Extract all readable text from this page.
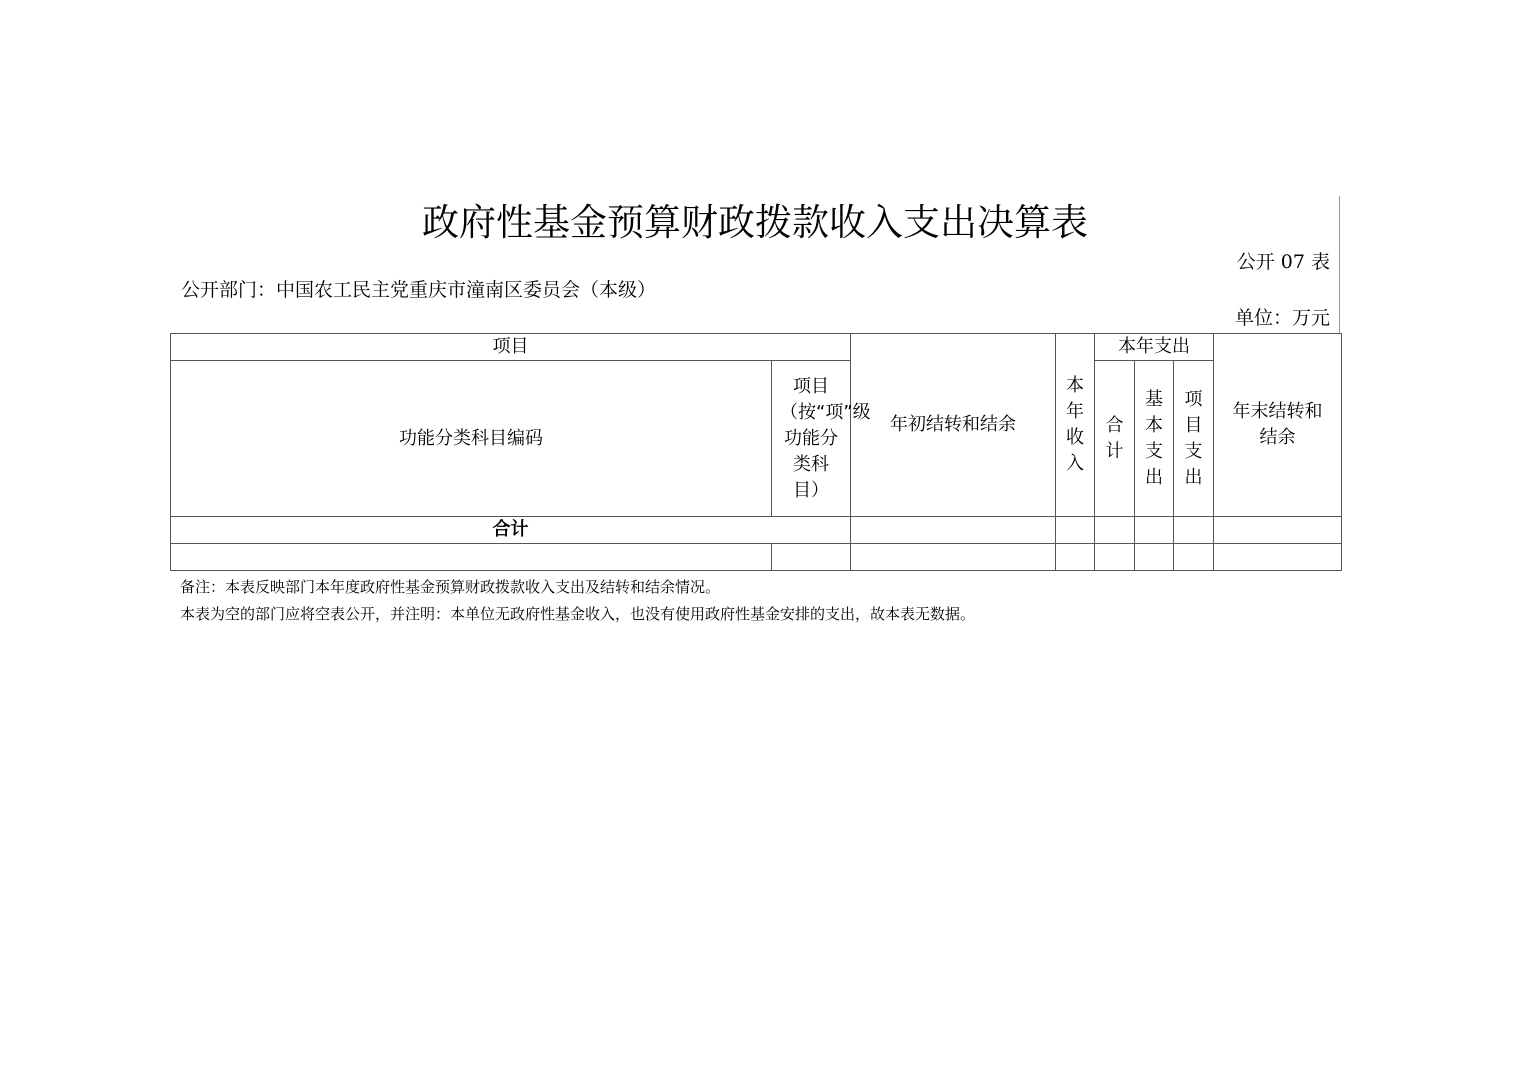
政府性基金预算财政拨款收入支出决算表
公开 07 表
公开部门：中国农工民主党重庆市潼南区委员会（本级）
单位：万元
项目		年初结转和结余	本年收入	本年支出			年末结转和结余
功能分类科目编码	项目（按“项”级功能分类科目）			合计	基本支出	项目支出	
合计							

备注：本表反映部门本年度政府性基金预算财政拨款收入支出及结转和结余情况。
本表为空的部门应将空表公开，并注明：本单位无政府性基金收入，也没有使用政府性基金安排的支出，故本表无数据。
